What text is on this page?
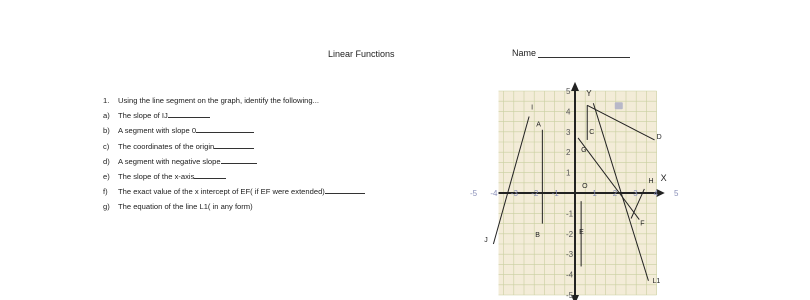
Linear Functions	Name
1. Using the line segment on the graph, identify the following...
a) The slope of IJ
b) A segment with slope 0
c) The coordinates of the origin
d) A segment with negative slope
e) The slope of the x-axis
f) The exact value of the x intercept of EF( if EF were extended)
g) The equation of the line L1( in any form)
X
Y
-5 -4 -3 -2 -1	1 2 3 4 5
5
4
3
2
1
-1
-2
-3
-4
-5
J
I
A
B
C
D
E
F
G
H
O
L1
